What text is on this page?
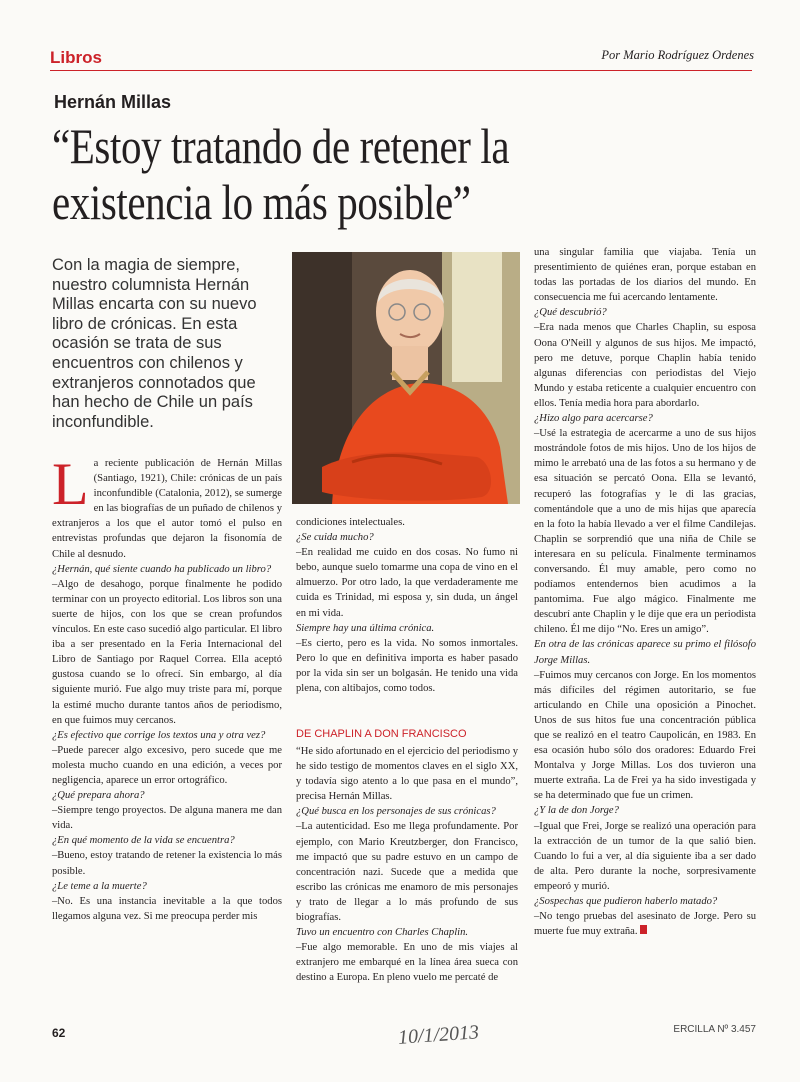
Libros	Por Mario Rodríguez Ordenes
Hernán Millas
“Estoy tratando de retener la existencia lo más posible”

Con la magia de siempre, nuestro columnista Hernán Millas encarta con su nuevo libro de crónicas. En esta ocasión se trata de sus encuentros con chilenos y extranjeros connotados que han hecho de Chile un país inconfundible.

La reciente publicación de Hernán Millas (Santiago, 1921), Chile: crónicas de un país inconfundible (Catalonia, 2012), se sumerge en las biografías de un puñado de chilenos y extranjeros a los que el autor tomó el pulso en entrevistas profundas que dejaron la fisonomía de Chile al desnudo.

¿ Hernán, qué siente cuando ha publicado un libro ?

– Algo de desahogo, porque finalmente he podido terminar con un proyecto editorial. Los libros son una suerte de hijos, con los que se crean profundos vínculos. En este caso sucedió algo particular. El libro iba a ser presentado en la Feria Internacional del Libro de Santiago por Raquel Correa. Ella aceptó gustosa cuando se lo ofrecí. Sin embargo, al día siguiente murió. Fue algo muy triste para mí, porque la estimé mucho durante tantos años de periodismo, en que fuimos muy cercanos.

¿ Es efectivo que corrige los textos una y otra vez ?

– Puede parecer algo excesivo, pero sucede que me molesta mucho cuando en una edición, a veces por negligencia, aparece un error ortográfico.

¿ Qué prepara ahora ?

– Siempre tengo proyectos. De alguna manera me dan vida.

¿ En qué momento de la vida se encuentra ?

– Bueno, estoy tratando de retener la existencia lo más posible.

¿ Le teme a la muerte ?

– No. Es una instancia inevitable a la que todos llegamos alguna vez. Si me preocupa perder mis

condiciones intelectuales.

¿ Se cuida mucho ?

– En realidad me cuido en dos cosas. No fumo ni bebo, aunque suelo tomarme una copa de vino en el almuerzo. Por otro lado, la que verdaderamente me cuida es Trinidad, mi esposa y, sin duda, un ángel en mi vida.

Siempre hay una última crónica.

– Es cierto, pero es la vida. No somos inmortales. Pero lo que en definitiva importa es haber pasado por la vida sin ser un bolgasán. He tenido una vida plena, con altibajos, como todos.

DE CHAPLIN A DON FRANCISCO

“He sido afortunado en el ejercicio del periodismo y he sido testigo de momentos claves en el siglo XX, y todavía sigo atento a lo que pasa en el mundo”, precisa Hernán Millas.

¿ Qué busca en los personajes de sus crónicas ?

– La autenticidad. Eso me llega profundamente. Por ejemplo, con Mario Kreutzberger, don Francisco, me impactó que su padre estuvo en un campo de concentración nazi. Sucede que a medida que escribo las crónicas me enamoro de mis personajes y trato de llegar a lo más profundo de sus biografías.

Tuvo un encuentro con Charles Chaplin.

– Fue algo memorable. En uno de mis viajes al extranjero me embarqué en la línea área sueca con destino a Europa. En pleno vuelo me percaté de

una singular familia que viajaba. Tenía un presentimiento de quiénes eran, porque estaban en todas las portadas de los diarios del mundo. En consecuencia me fui acercando lentamente.

¿ Qué descubrió ?

– Era nada menos que Charles Chaplin, su esposa Oona O'Neill y algunos de sus hijos. Me impactó, pero me detuve, porque Chaplin había tenido algunas diferencias con periodistas del Viejo Mundo y estaba reticente a cualquier encuentro con ellos. Tenía media hora para abordarlo.

¿ Hizo algo para acercarse ?

– Usé la estrategia de acercarme a uno de sus hijos mostrándole fotos de mis hijos. Uno de los hijos de mimo le arrebató una de las fotos a su hermano y de esa situación se percató Oona. Ella se levantó, recuperó las fotografías y le di las gracias, comentándole que a uno de mis hijas que aparecía en la foto la había llevado a ver el filme Candilejas. Chaplin se sorprendió que una niña de Chile se interesara en su película. Finalmente terminamos conversando. Él muy amable, pero como no podíamos entendernos bien acudimos a la pantomima. Fue algo mágico. Finalmente me descubrí ante Chaplin y le dije que era un periodista chileno. Él me dijo “No. Eres un amigo”.

En otra de las crónicas aparece su primo el filósofo Jorge Millas.

– Fuimos muy cercanos con Jorge. En los momentos más difíciles del régimen autoritario, se fue articulando en Chile una oposición a Pinochet. Unos de sus hitos fue una concentración pública que se realizó en el teatro Caupolicán, en 1983. En esa ocasión hubo sólo dos oradores: Eduardo Frei Montalva y Jorge Millas. Los dos tuvieron una muerte extraña. La de Frei ya ha sido investigada y se ha determinado que fue un crimen.

¿ Y la de don Jorge ?

– Igual que Frei, Jorge se realizó una operación para la extracción de un tumor de la que salió bien. Cuando lo fui a ver, al día siguiente iba a ser dado de alta. Pero durante la noche, sorpresivamente empeoró y murió.

¿ Sospechas que pudieron haberlo matado ?

– No tengo pruebas del asesinato de Jorge. Pero su muerte fue muy extraña.

62	10/1/2013	ERCILLA Nº 3.457
